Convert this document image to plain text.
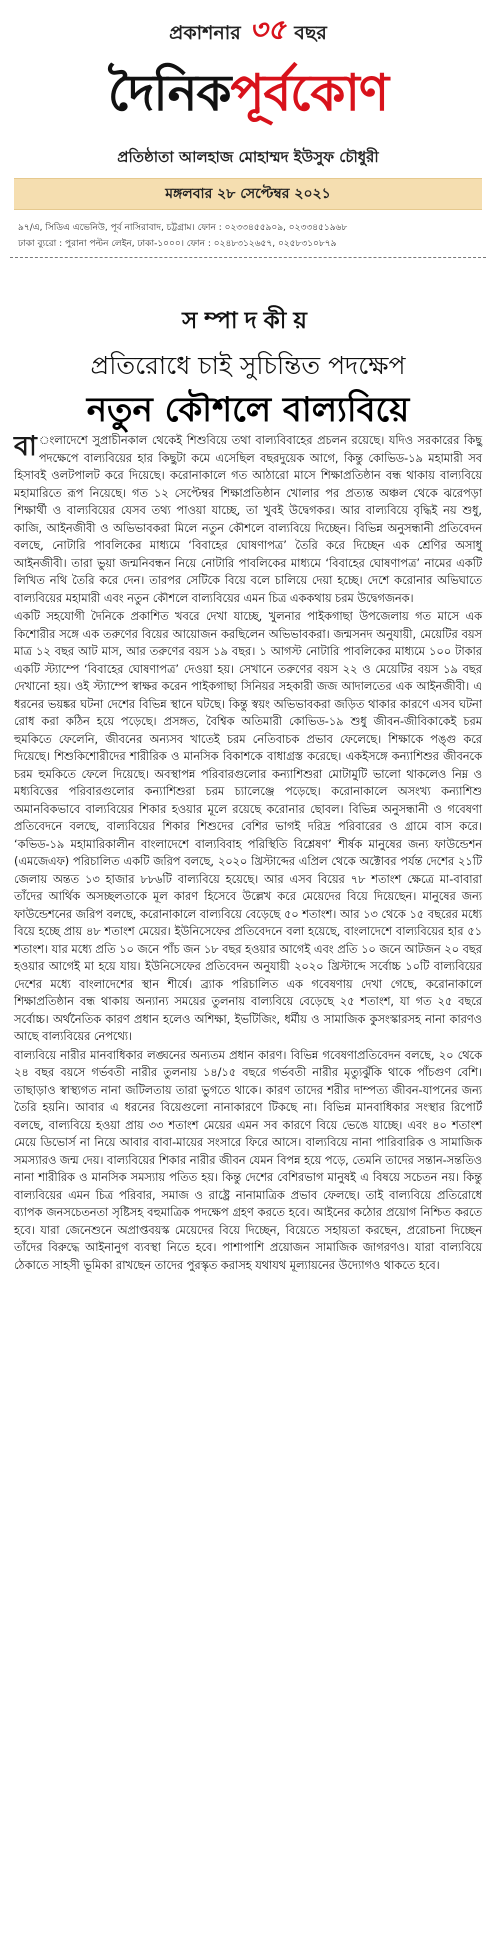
প্রকাশনার ৩৫ বছর
দৈনিকপূর্বকোণ
প্রতিষ্ঠাতা আলহাজ মোহাম্মদ ইউসুফ চৌধুরী
মঙ্গলবার ২৮ সেপ্টেম্বর ২০২১
৯৭/এ, সিডিএ এভেনিউ, পূর্ব নাসিরাবাদ, চট্টগ্রাম। ফোন : ০২৩৩৪৫৫৯০৯, ০২৩৩৪৫১৯৬৮
ঢাকা ব্যুরো : পুরানা পল্টন লেইন, ঢাকা-১০০০। ফোন : ০২৪৮৩১২৬৫৭, ০২৫৮৩১০৮৭৯
সম্পাদকীয়
প্রতিরোধে চাই সুচিন্তিত পদক্ষেপ
নতুন কৌশলে বাল্যবিয়ে

বা ংলাদেশে সুপ্রাচীনকাল থেকেই শিশুবিয়ে তথা বাল্যবিবাহের প্রচলন রয়েছে। যদিও সরকারের কিছু পদক্ষেপে বাল্যবিয়ের হার কিছুটা কমে এসেছিল বছরদুয়েক আগে, কিন্তু কোভিড-১৯ মহামারী সব হিসাবই ওলটপালট করে দিয়েছে। করোনাকালে গত আঠারো মাসে শিক্ষাপ্রতিষ্ঠান বন্ধ থাকায় বাল্যবিয়ে মহামারিতে রূপ নিয়েছে। গত ১২ সেপ্টেম্বর শিক্ষাপ্রতিষ্ঠান খোলার পর প্রত্যন্ত অঞ্চল থেকে ঝরেপড়া শিক্ষার্থী ও বাল্যবিয়ের যেসব তথ্য পাওয়া যাচ্ছে, তা খুবই উদ্বেগকর। আর বাল্যবিয়ে বৃদ্ধিই নয় শুধু, কাজি, আইনজীবী ও অভিভাবকরা মিলে নতুন কৌশলে বাল্যবিয়ে দিচ্ছেন। বিভিন্ন অনুসন্ধানী প্রতিবেদন বলছে, নোটারি পাবলিকের মাধ্যমে ‘বিবাহের ঘোষণাপত্র’ তৈরি করে দিচ্ছেন এক শ্রেণির অসাধু আইনজীবী। তারা ভুয়া জন্মনিবন্ধন নিয়ে নোটারি পাবলিকের মাধ্যমে ‘বিবাহের ঘোষণাপত্র’ নামের একটি লিখিত নথি তৈরি করে দেন। তারপর সেটিকে বিয়ে বলে চালিয়ে দেয়া হচ্ছে। দেশে করোনার অভিঘাতে বাল্যবিয়ের মহামারী এবং নতুন কৌশলে বাল্যবিয়ের এমন চিত্র এককথায় চরম উদ্বেগজনক।

একটি সহযোগী দৈনিকে প্রকাশিত খবরে দেখা যাচ্ছে, খুলনার পাইকগাছা উপজেলায় গত মাসে এক কিশোরীর সঙ্গে এক তরুণের বিয়ের আয়োজন করছিলেন অভিভাবকরা। জন্মসনদ অনুযায়ী, মেয়েটির বয়স মাত্র ১২ বছর আট মাস, আর তরুণের বয়স ১৯ বছর। ১ আগস্ট নোটারি পাবলিকের মাধ্যমে ১০০ টাকার একটি স্ট্যাম্পে ‘বিবাহের ঘোষণাপত্র’ দেওয়া হয়। সেখানে তরুণের বয়স ২২ ও মেয়েটির বয়স ১৯ বছর দেখানো হয়। ওই স্ট্যাম্পে স্বাক্ষর করেন পাইকগাছা সিনিয়র সহকারী জজ আদালতের এক আইনজীবী। এ ধরনের ভয়ঙ্কর ঘটনা দেশের বিভিন্ন স্থানে ঘটছে। কিন্তু স্বয়ং অভিভাবকরা জড়িত থাকার কারণে এসব ঘটনা রোধ করা কঠিন হয়ে পড়েছে। প্রসঙ্গত, বৈশ্বিক অতিমারী কোভিড-১৯ শুধু জীবন-জীবিকাকেই চরম হুমকিতে ফেলেনি, জীবনের অন্যসব খাতেই চরম নেতিবাচক প্রভাব ফেলেছে। শিক্ষাকে পঙ্গু করে দিয়েছে। শিশুকিশোরীদের শারীরিক ও মানসিক বিকাশকে বাধাগ্রস্ত করেছে। একইসঙ্গে কন্যাশিশুর জীবনকে চরম হুমকিতে ফেলে দিয়েছে। অবস্থাপন্ন পরিবারগুলোর কন্যাশিশুরা মোটামুটি ভালো থাকলেও নিম্ন ও মধ্যবিত্তের পরিবারগুলোর কন্যাশিশুরা চরম চ্যালেঞ্জে পড়েছে। করোনাকালে অসংখ্য কন্যাশিশু অমানবিকভাবে বাল্যবিয়ের শিকার হওয়ার মূলে রয়েছে করোনার ছোবল। বিভিন্ন অনুসন্ধানী ও গবেষণা প্রতিবেদনে বলছে, বাল্যবিয়ের শিকার শিশুদের বেশির ভাগই দরিদ্র পরিবারের ও গ্রামে বাস করে। ‘কভিড-১৯ মহামারিকালীন বাংলাদেশে বাল্যবিবাহ পরিস্থিতি বিশ্লেষণ’ শীর্ষক মানুষের জন্য ফাউন্ডেশন (এমজেএফ) পরিচালিত একটি জরিপ বলছে, ২০২০ খ্রিস্টাব্দের এপ্রিল থেকে অক্টোবর পর্যন্ত দেশের ২১টি জেলায় অন্তত ১৩ হাজার ৮৮৬টি বাল্যবিয়ে হয়েছে। আর এসব বিয়ের ৭৮ শতাংশ ক্ষেত্রে মা-বাবারা তাঁদের আর্থিক অসচ্ছলতাকে মূল কারণ হিসেবে উল্লেখ করে মেয়েদের বিয়ে দিয়েছেন। মানুষের জন্য ফাউন্ডেশনের জরিপ বলছে, করোনাকালে বাল্যবিয়ে বেড়েছে ৫০ শতাংশ। আর ১৩ থেকে ১৫ বছরের মধ্যে বিয়ে হচ্ছে প্রায় ৪৮ শতাংশ মেয়ের। ইউনিসেফের প্রতিবেদনে বলা হয়েছে, বাংলাদেশে বাল্যবিয়ের হার ৫১ শতাংশ। যার মধ্যে প্রতি ১০ জনে পাঁচ জন ১৮ বছর হওয়ার আগেই এবং প্রতি ১০ জনে আটজন ২০ বছর হওয়ার আগেই মা হয়ে যায়। ইউনিসেফের প্রতিবেদন অনুযায়ী ২০২০ খ্রিস্টাব্দে সর্বোচ্চ ১০টি বাল্যবিয়ের দেশের মধ্যে বাংলাদেশের স্থান শীর্ষে। ব্র্যাক পরিচালিত এক গবেষণায় দেখা গেছে, করোনাকালে শিক্ষাপ্রতিষ্ঠান বন্ধ থাকায় অন্যান্য সময়ের তুলনায় বাল্যবিয়ে বেড়েছে ২৫ শতাংশ, যা গত ২৫ বছরে সর্বোচ্চ। অর্থনৈতিক কারণ প্রধান হলেও অশিক্ষা, ইভটিজিং, ধর্মীয় ও সামাজিক কুসংস্কারসহ নানা কারণও আছে বাল্যবিয়ের নেপথ্যে।

বাল্যবিয়ে নারীর মানবাধিকার লঙ্ঘনের অন্যতম প্রধান কারণ। বিভিন্ন গবেষণাপ্রতিবেদন বলছে, ২০ থেকে ২৪ বছর বয়সে গর্ভবতী নারীর তুলনায় ১৪/১৫ বছরে গর্ভবতী নারীর মৃত্যুঝুঁকি থাকে পাঁচগুণ বেশি। তাছাড়াও স্বাস্থ্যগত নানা জটিলতায় তারা ভুগতে থাকে। কারণ তাদের শরীর দাম্পত্য জীবন-যাপনের জন্য তৈরি হয়নি। আবার এ ধরনের বিয়েগুলো নানাকারণে টিকছে না। বিভিন্ন মানবাধিকার সংস্থার রিপোর্ট বলছে, বাল্যবিয়ে হওয়া প্রায় ৩৩ শতাংশ মেয়ের এমন সব কারণে বিয়ে ভেঙে যাচ্ছে। এবং ৪০ শতাংশ মেয়ে ডিভোর্স না নিয়ে আবার বাবা-মায়ের সংসারে ফিরে আসে। বাল্যবিয়ে নানা পারিবারিক ও সামাজিক সমস্যারও জন্ম দেয়। বাল্যবিয়ের শিকার নারীর জীবন যেমন বিপন্ন হয়ে পড়ে, তেমনি তাদের সন্তান-সন্ততিও নানা শারীরিক ও মানসিক সমস্যায় পতিত হয়। কিন্তু দেশের বেশিরভাগ মানুষই এ বিষয়ে সচেতন নয়। কিন্তু বাল্যবিয়ের এমন চিত্র পরিবার, সমাজ ও রাষ্ট্রে নানামাত্রিক প্রভাব ফেলছে। তাই বাল্যবিয়ে প্রতিরোধে ব্যাপক জনসচেতনতা সৃষ্টিসহ বহুমাত্রিক পদক্ষেপ গ্রহণ করতে হবে। আইনের কঠোর প্রয়োগ নিশ্চিত করতে হবে। যারা জেনেশুনে অপ্রাপ্তবয়স্ক মেয়েদের বিয়ে দিচ্ছেন, বিয়েতে সহায়তা করছেন, প্ররোচনা দিচ্ছেন তাঁদের বিরুদ্ধে আইনানুগ ব্যবস্থা নিতে হবে। পাশাপাশি প্রয়োজন সামাজিক জাগরণও। যারা বাল্যবিয়ে ঠেকাতে সাহসী ভূমিকা রাখছেন তাদের পুরস্কৃত করাসহ যথাযথ মূল্যায়নের উদ্যোগও থাকতে হবে।
